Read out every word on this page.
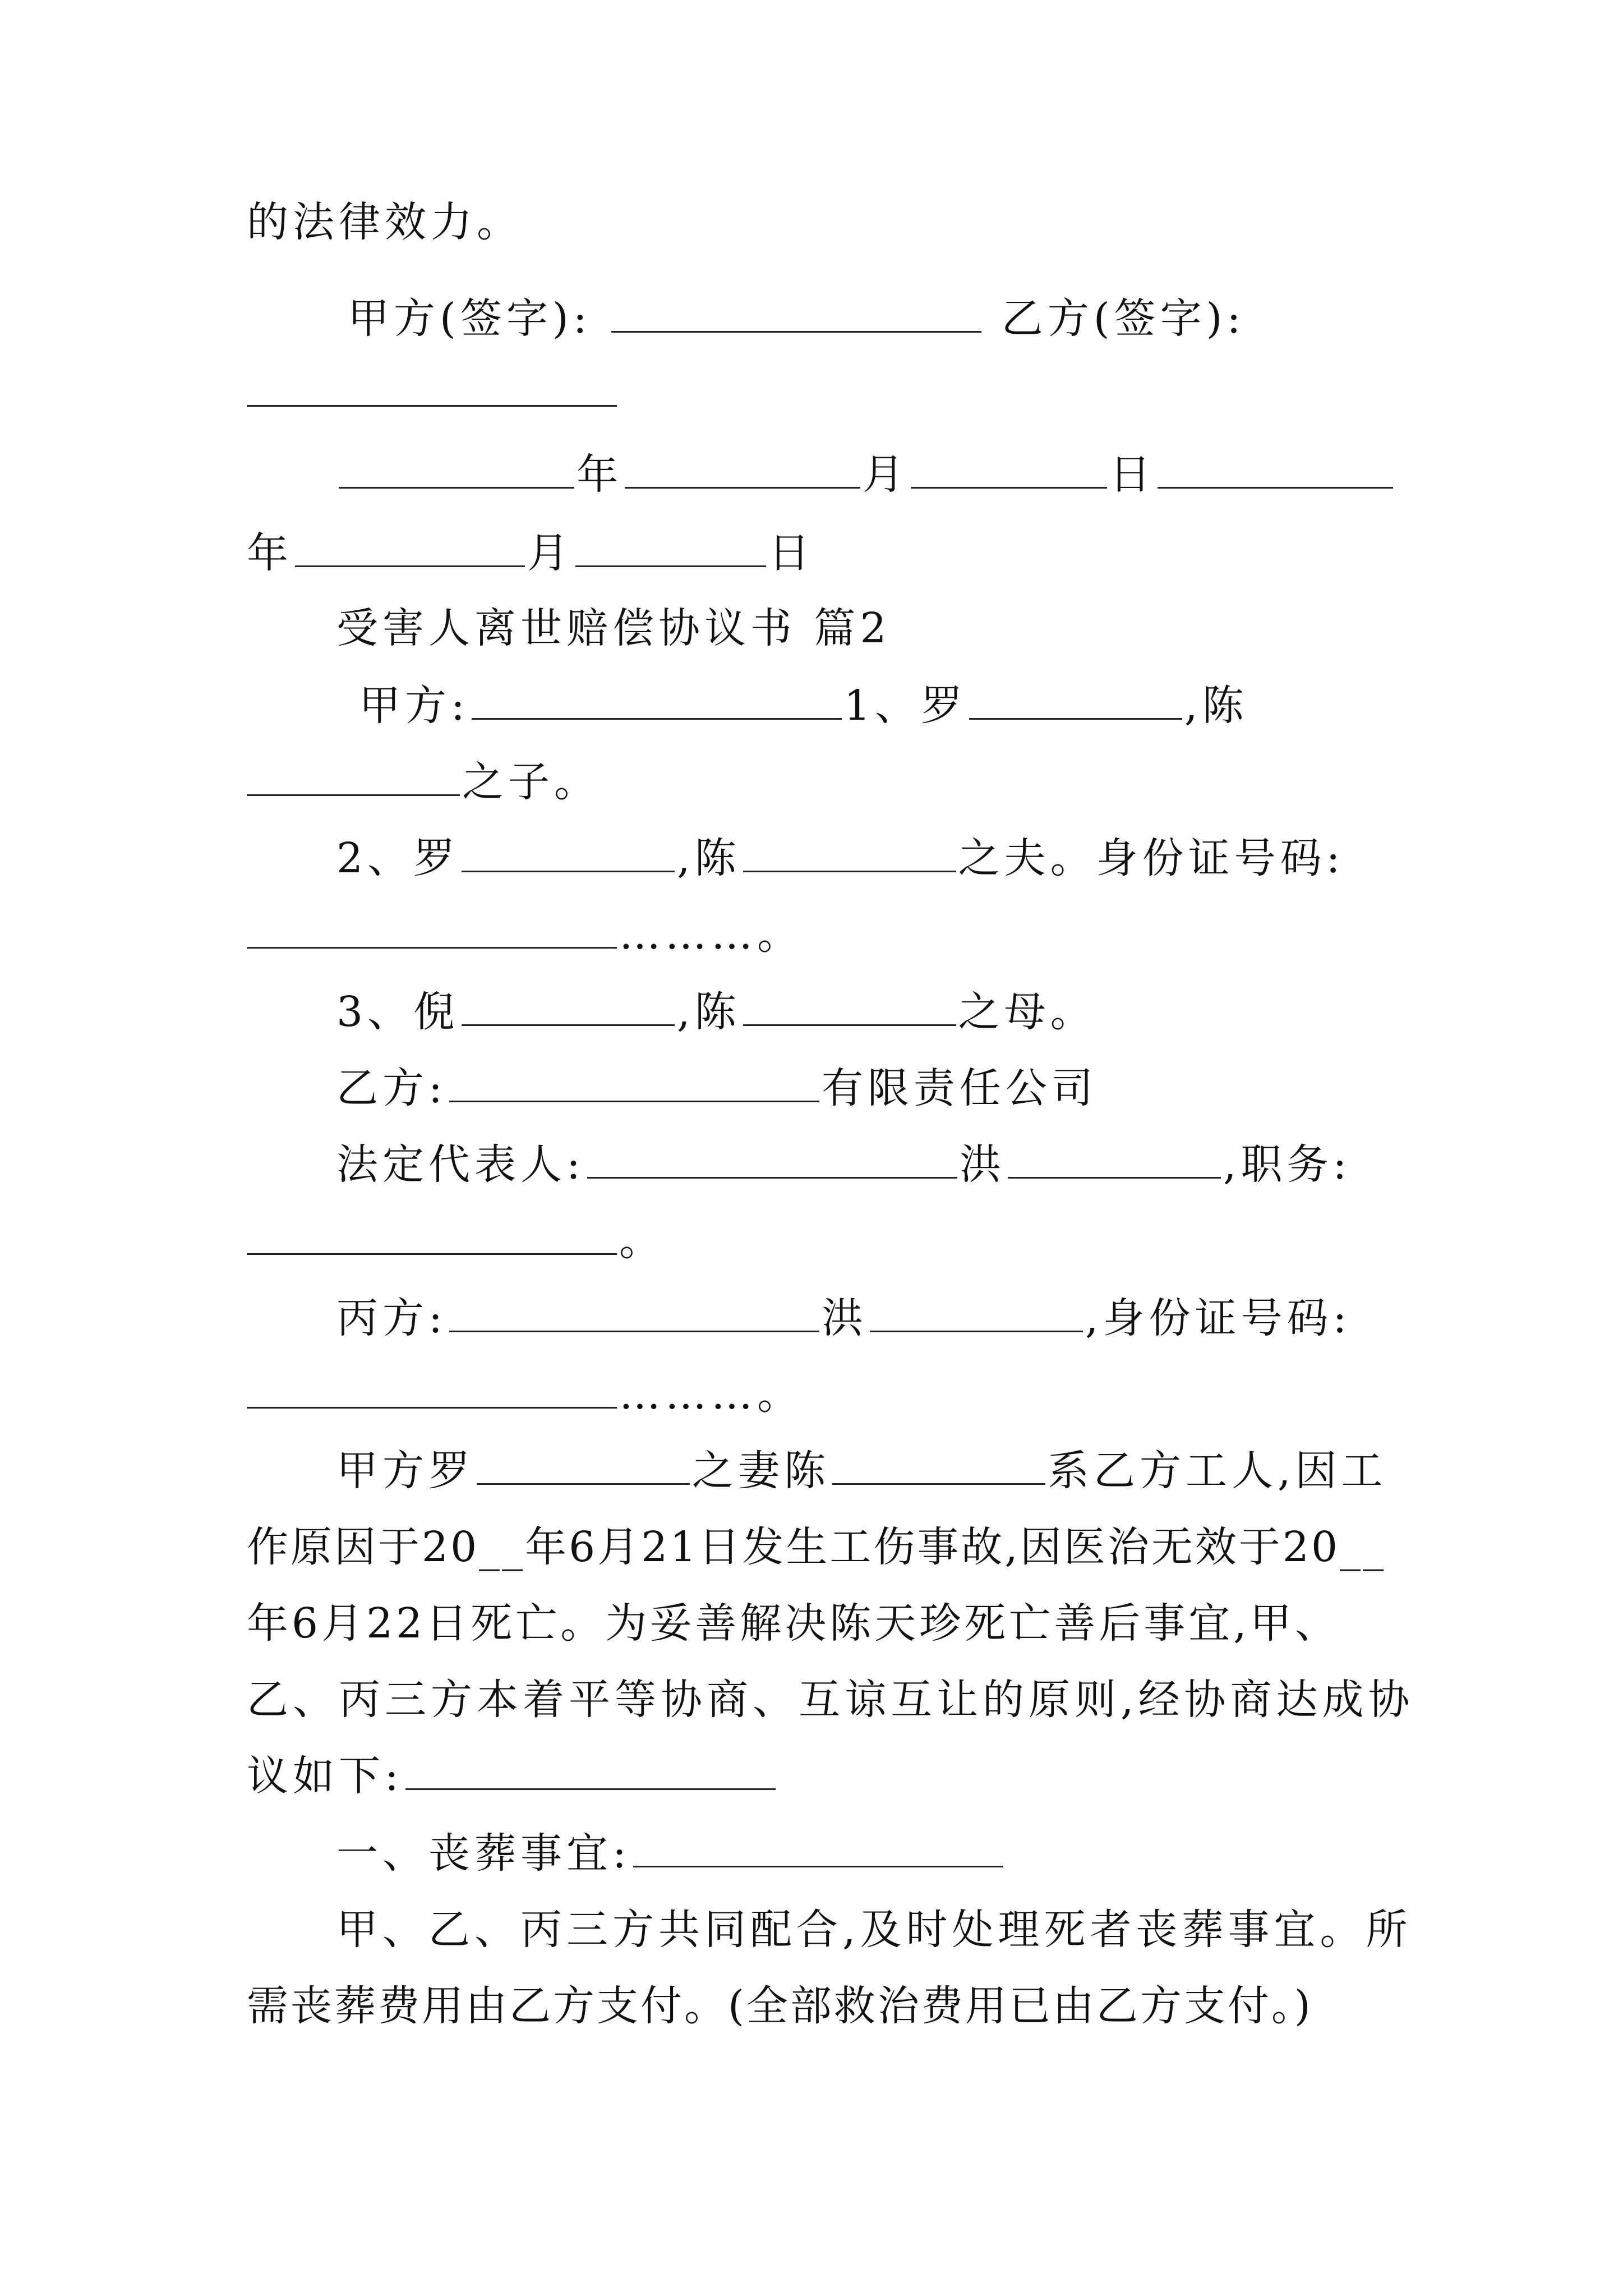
的法律效力。
甲方(签字):	乙方(签字):
年	月	日
年	月	日
受害人离世赔偿协议书 篇2
甲方:	1、罗	,陈
之子。
2、罗	,陈	之夫。身份证号码:
………。
3、倪	,陈	之母。
乙方:	有限责任公司
法定代表人:	洪	,职务:
。
丙方:	洪	,身份证号码:
………。
甲方罗	之妻陈	系乙方工人,因工
作原因于20__年6月21日发生工伤事故,因医治无效于20__
年6月22日死亡。为妥善解决陈天珍死亡善后事宜,甲、
乙、丙三方本着平等协商、互谅互让的原则,经协商达成协
议如下:
一、丧葬事宜:
甲、乙、丙三方共同配合,及时处理死者丧葬事宜。所
需丧葬费用由乙方支付。(全部救治费用已由乙方支付。)
